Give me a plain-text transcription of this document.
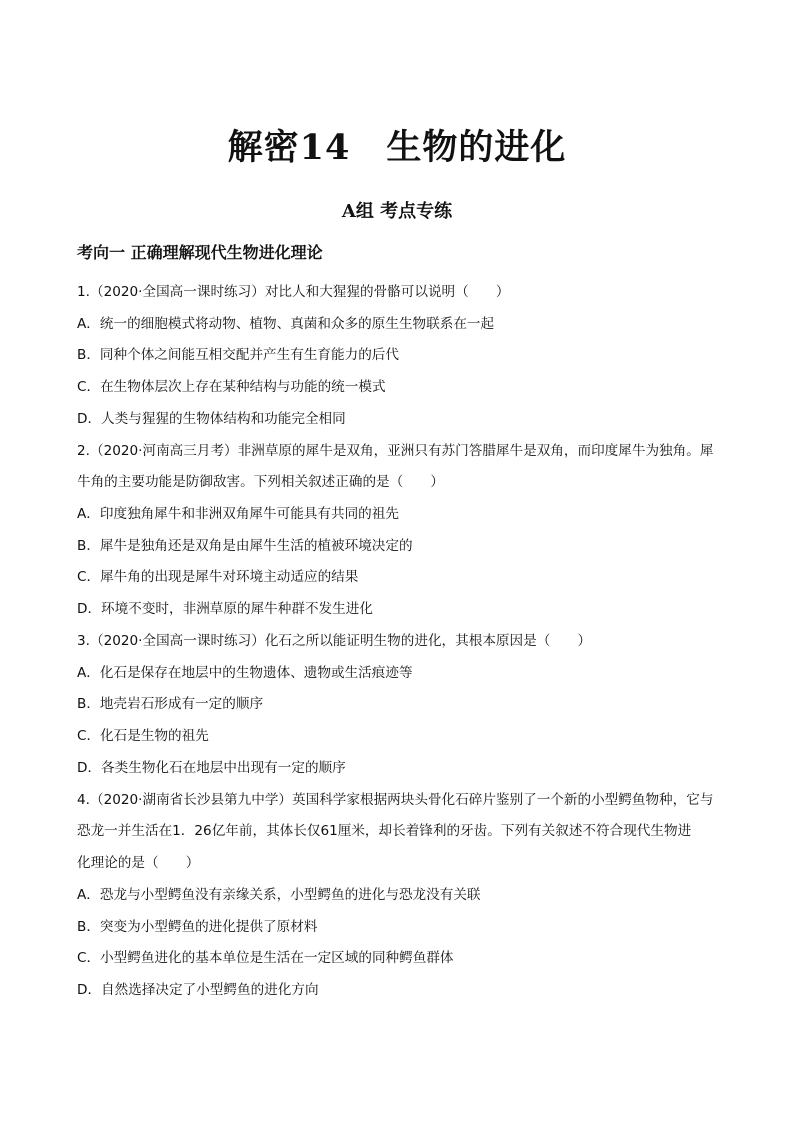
解密14　生物的进化
A组 考点专练
考向一 正确理解现代生物进化理论
1.（2020·全国高一课时练习）对比人和大猩猩的骨骼可以说明（　　）
A．统一的细胞模式将动物、植物、真菌和众多的原生生物联系在一起
B．同种个体之间能互相交配并产生有生育能力的后代
C．在生物体层次上存在某种结构与功能的统一模式
D．人类与猩猩的生物体结构和功能完全相同
2.（2020·河南高三月考）非洲草原的犀牛是双角，亚洲只有苏门答腊犀牛是双角，而印度犀牛为独角。犀
牛角的主要功能是防御敌害。下列相关叙述正确的是（　　）
A．印度独角犀牛和非洲双角犀牛可能具有共同的祖先
B．犀牛是独角还是双角是由犀牛生活的植被环境决定的
C．犀牛角的出现是犀牛对环境主动适应的结果
D．环境不变时，非洲草原的犀牛种群不发生进化
3.（2020·全国高一课时练习）化石之所以能证明生物的进化，其根本原因是（　　）
A．化石是保存在地层中的生物遗体、遗物或生活痕迹等
B．地壳岩石形成有一定的顺序
C．化石是生物的祖先
D．各类生物化石在地层中出现有一定的顺序
4.（2020·湖南省长沙县第九中学）英国科学家根据两块头骨化石碎片鉴别了一个新的小型鳄鱼物种，它与
恐龙一并生活在1．26亿年前，其体长仅61厘米，却长着锋利的牙齿。下列有关叙述不符合现代生物进
化理论的是（　　）
A．恐龙与小型鳄鱼没有亲缘关系，小型鳄鱼的进化与恐龙没有关联
B．突变为小型鳄鱼的进化提供了原材料
C．小型鳄鱼进化的基本单位是生活在一定区域的同种鳄鱼群体
D．自然选择决定了小型鳄鱼的进化方向
